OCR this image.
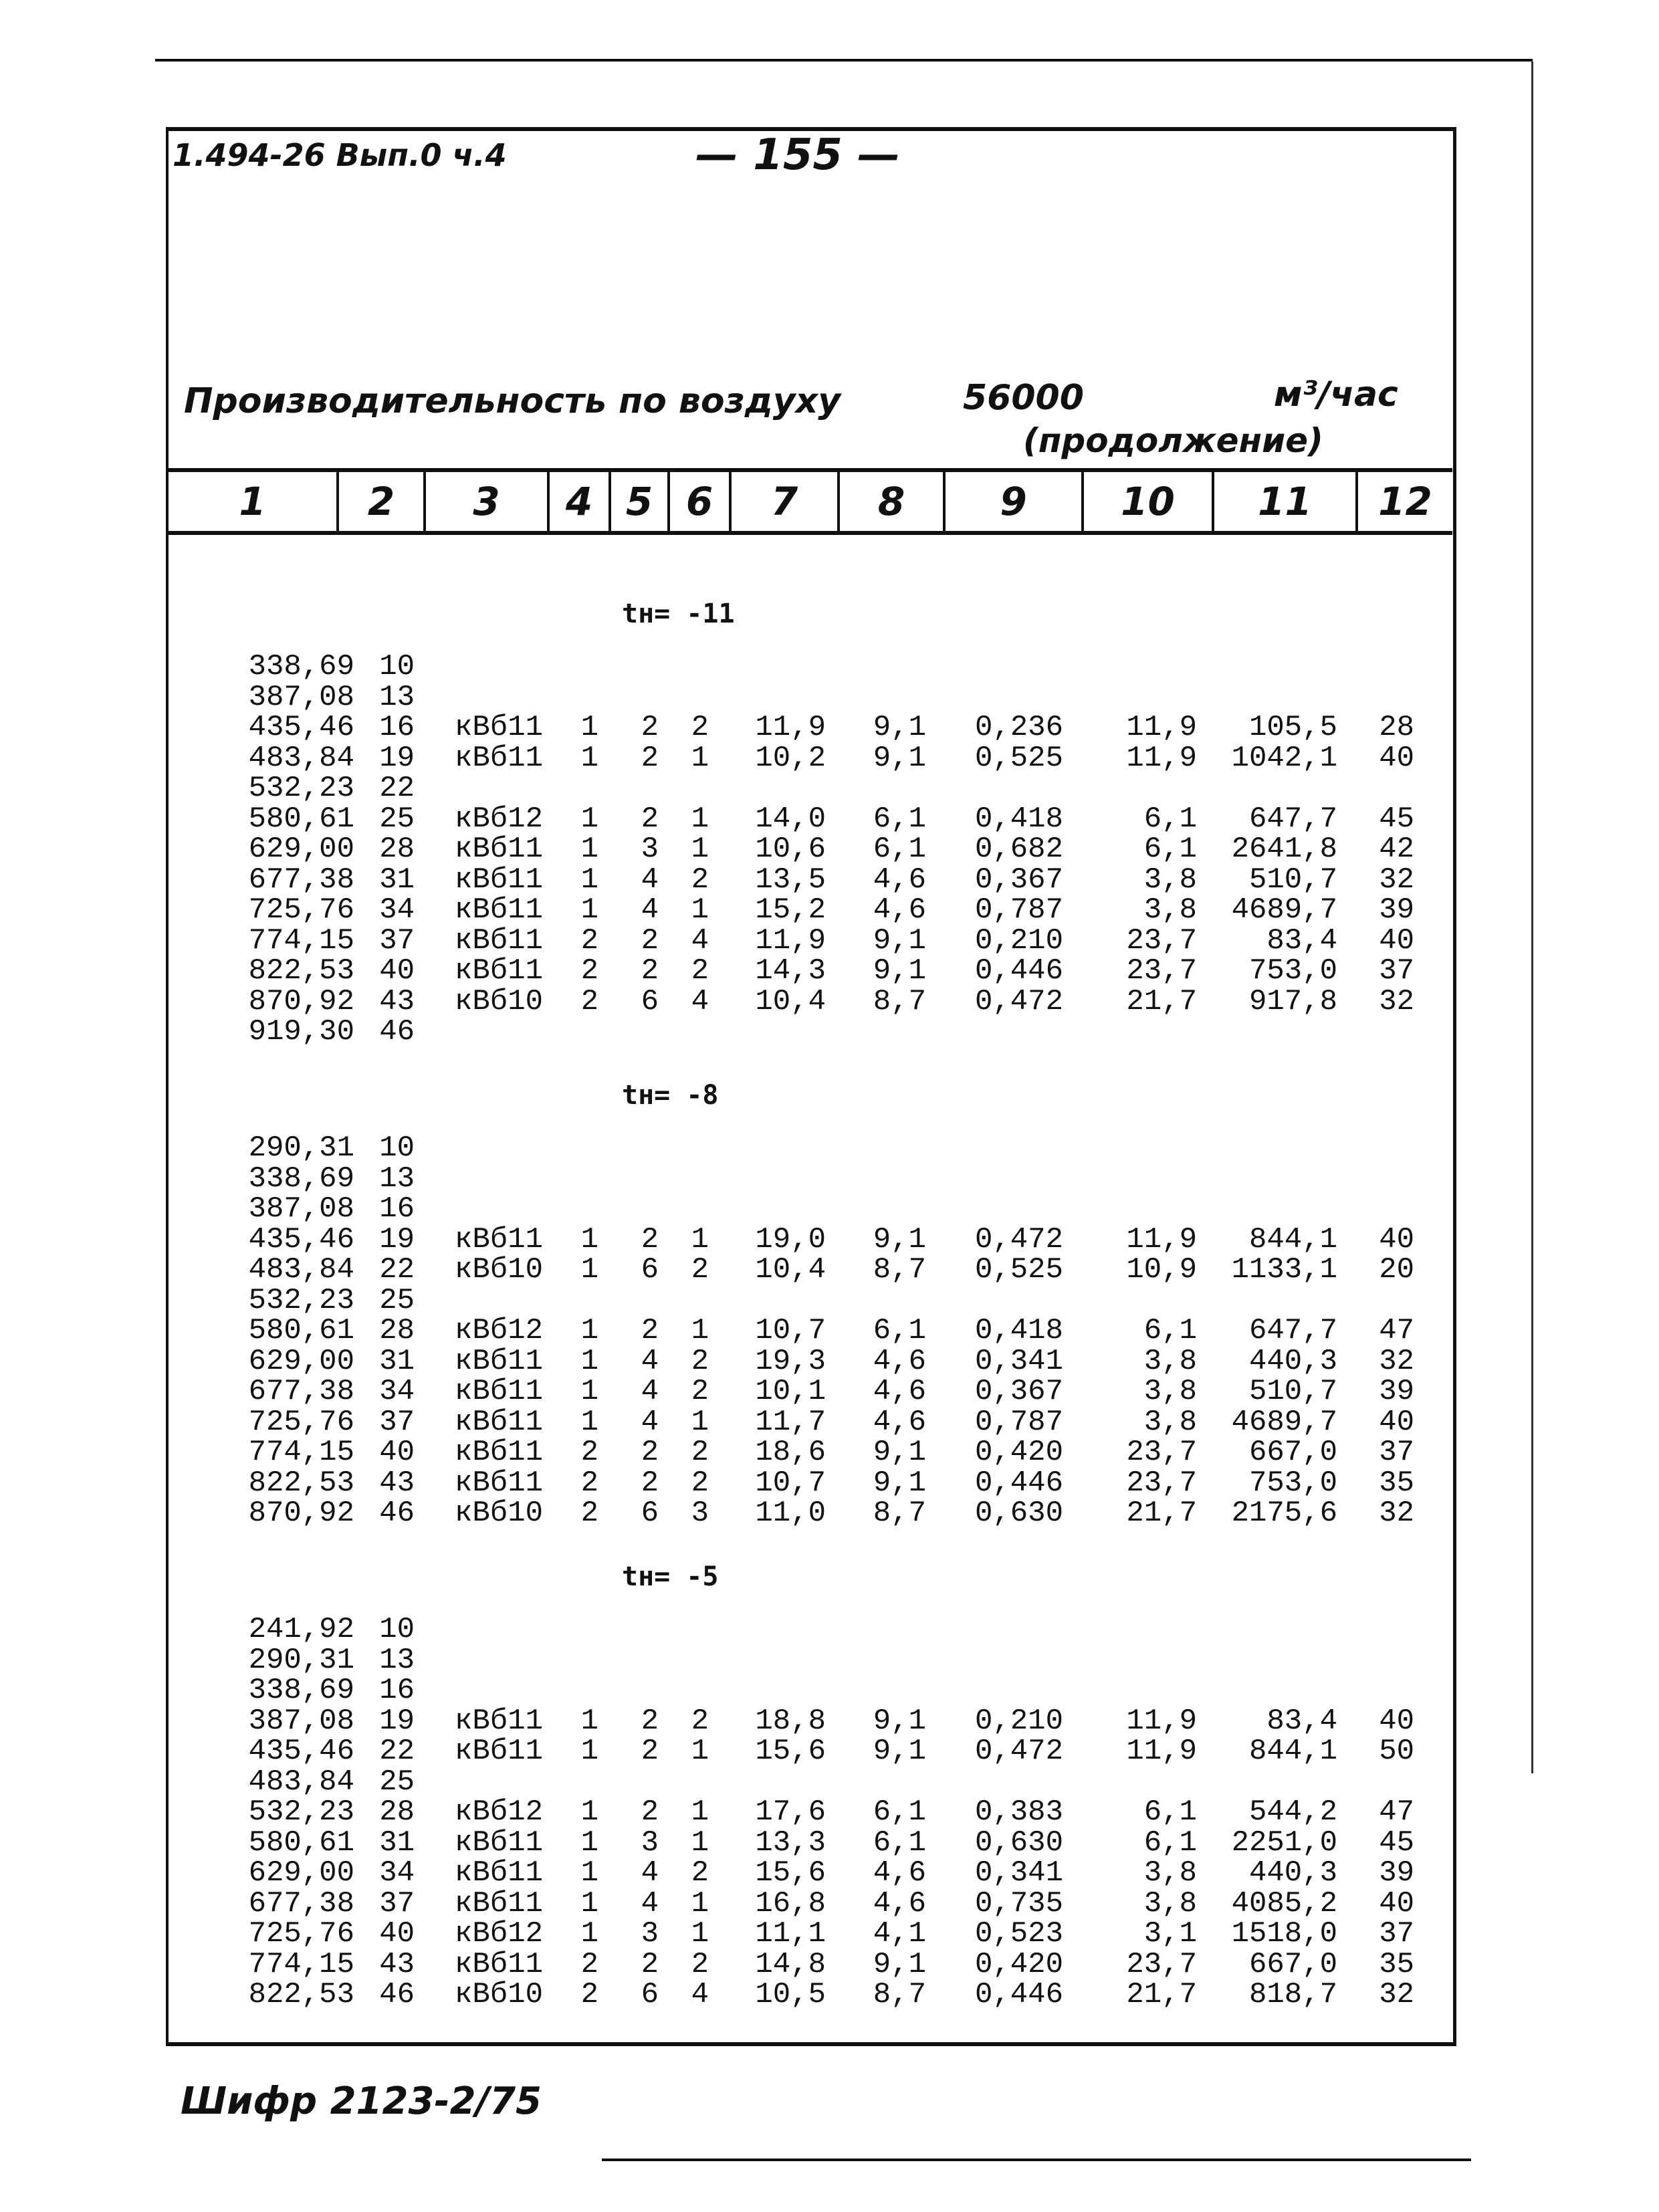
1.494-26 Вып.0 ч.4	— 155 —
Производительность по воздуху	56000	м³/час
(продолжение)
1	2	3	4 5 6	7	8	9	10	11	12
tн= -11
338,69 10
387,08 13
435,46 16 кВб11 1 2 2 11,9 9,1 0,236 11,9 105,5 28
483,84 19 кВб11 1 2 1 10,2 9,1 0,525 11,9 1042,1 40
532,23 22
580,61 25 кВб12 1 2 1 14,0 6,1 0,418	6,1 647,7 45
629,00 28 кВб11 1 3 1 10,6 6,1 0,682	6,1 2641,8 42
677,38 31 кВб11 1 4 2 13,5 4,6 0,367	3,8 510,7 32
725,76 34 кВб11 1 4 1 15,2 4,6 0,787	3,8 4689,7 39
774,15 37 кВб11 2 2 4 11,9 9,1 0,210 23,7 83,4 40
822,53 40 кВб11 2 2 2 14,3 9,1 0,446 23,7 753,0 37
870,92 43 кВб10 2 6 4 10,4 8,7 0,472 21,7 917,8 32
919,30 46
tн= -8
290,31 10
338,69 13
387,08 16
435,46 19 кВб11 1 2 1 19,0 9,1 0,472 11,9 844,1 40
483,84 22 кВб10 1 6 2 10,4 8,7 0,525 10,9 1133,1 20
532,23 25
580,61 28 кВб12 1 2 1 10,7 6,1 0,418	6,1 647,7 47
629,00 31 кВб11 1 4 2 19,3 4,6 0,341	3,8 440,3 32
677,38 34 кВб11 1 4 2 10,1 4,6 0,367	3,8 510,7 39
725,76 37 кВб11 1 4 1 11,7 4,6 0,787	3,8 4689,7 40
774,15 40 кВб11 2 2 2 18,6 9,1 0,420 23,7 667,0 37
822,53 43 кВб11 2 2 2 10,7 9,1 0,446 23,7 753,0 35
870,92 46 кВб10 2 6 3 11,0 8,7 0,630 21,7 2175,6 32
tн= -5
241,92 10
290,31 13
338,69 16
387,08 19 кВб11 1 2 2 18,8 9,1 0,210 11,9 83,4 40
435,46 22 кВб11 1 2 1 15,6 9,1 0,472 11,9 844,1 50
483,84 25
532,23 28 кВб12 1 2 1 17,6 6,1 0,383	6,1 544,2 47
580,61 31 кВб11 1 3 1 13,3 6,1 0,630	6,1 2251,0 45
629,00 34 кВб11 1 4 2 15,6 4,6 0,341	3,8 440,3 39
677,38 37 кВб11 1 4 1 16,8 4,6 0,735	3,8 4085,2 40
725,76 40 кВб12 1 3 1 11,1 4,1 0,523	3,1 1518,0 37
774,15 43 кВб11 2 2 2 14,8 9,1 0,420 23,7 667,0 35
822,53 46 кВб10 2 6 4 10,5 8,7 0,446 21,7 818,7 32
Шифр 2123-2/75
